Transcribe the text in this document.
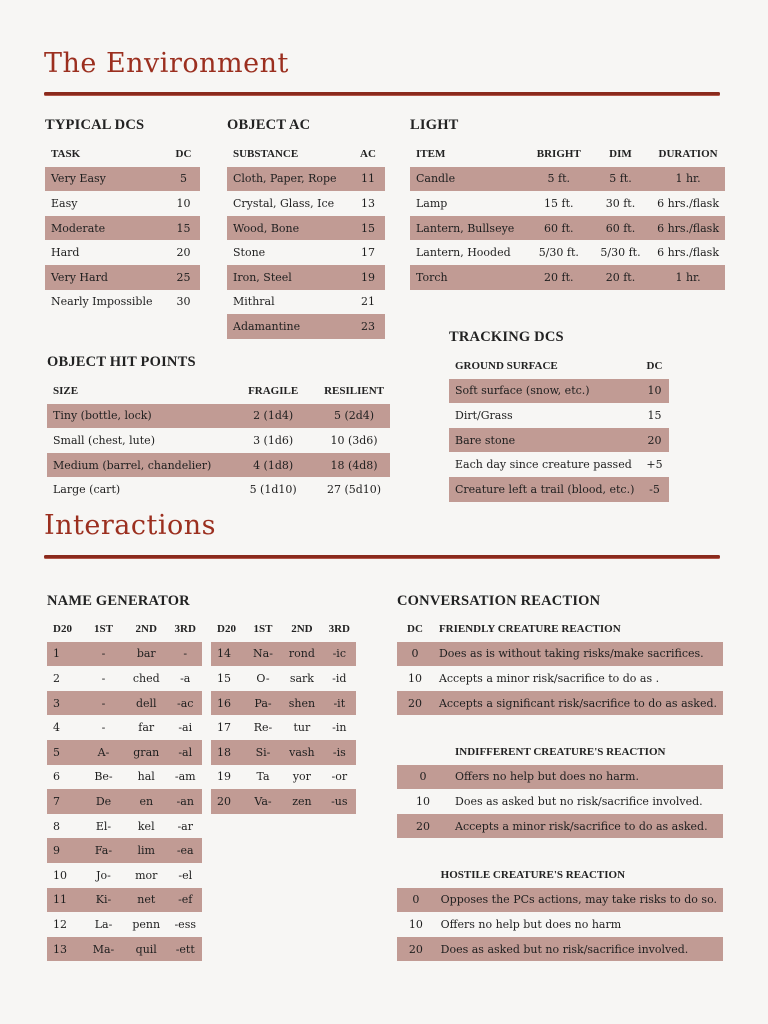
The Environment
TYPICAL DCS
TASK	DC
Very Easy	5
Easy	10
Moderate	15
Hard	20
Very Hard	25
Nearly Impossible	30
OBJECT AC
SUBSTANCE	AC
Cloth, Paper, Rope	11
Crystal, Glass, Ice	13
Wood, Bone	15
Stone	17
Iron, Steel	19
Mithral	21
Adamantine	23
LIGHT
ITEM	BRIGHT	DIM	DURATION
Candle	5 ft.	5 ft.	1 hr.
Lamp	15 ft.	30 ft.	6 hrs./flask
Lantern, Bullseye	60 ft.	60 ft.	6 hrs./flask
Lantern, Hooded	5/30 ft.	5/30 ft.	6 hrs./flask
Torch	20 ft.	20 ft.	1 hr.
OBJECT HIT POINTS
SIZE	FRAGILE	RESILIENT
Tiny (bottle, lock)	2 (1d4)	5 (2d4)
Small (chest, lute)	3 (1d6)	10 (3d6)
Medium (barrel, chandelier)	4 (1d8)	18 (4d8)
Large (cart)	5 (1d10)	27 (5d10)
TRACKING DCS
GROUND SURFACE	DC
Soft surface (snow, etc.)	10
Dirt/Grass	15
Bare stone	20
Each day since creature passed	+5
Creature left a trail (blood, etc.)	-5
Interactions
NAME GENERATOR
D20	1ST	2ND	3RD
1	-	bar	-
2	-	ched	-a
3	-	dell	-ac
4	-	far	-ai
5	A-	gran	-al
6	Be-	hal	-am
7	De	en	-an
8	El-	kel	-ar
9	Fa-	lim	-ea
10	Jo-	mor	-el
11	Ki-	net	-ef
12	La-	penn	-ess
13	Ma-	quil	-ett
D20	1ST	2ND	3RD
14	Na-	rond	-ic
15	O-	sark	-id
16	Pa-	shen	-it
17	Re-	tur	-in
18	Si-	vash	-is
19	Ta	yor	-or
20	Va-	zen	-us
CONVERSATION REACTION
DC	FRIENDLY CREATURE REACTION
0	Does as is without taking risks/make sacrifices.
10	Accepts a minor risk/sacrifice to do as .
20	Accepts a significant risk/sacrifice to do as asked.
	INDIFFERENT CREATURE'S REACTION
0	Offers no help but does no harm.
10	Does as asked but no risk/sacrifice involved.
20	Accepts a minor risk/sacrifice to do as asked.
	HOSTILE CREATURE'S REACTION
0	Opposes the PCs actions, may take risks to do so.
10	Offers no help but does no harm
20	Does as asked but no risk/sacrifice involved.
